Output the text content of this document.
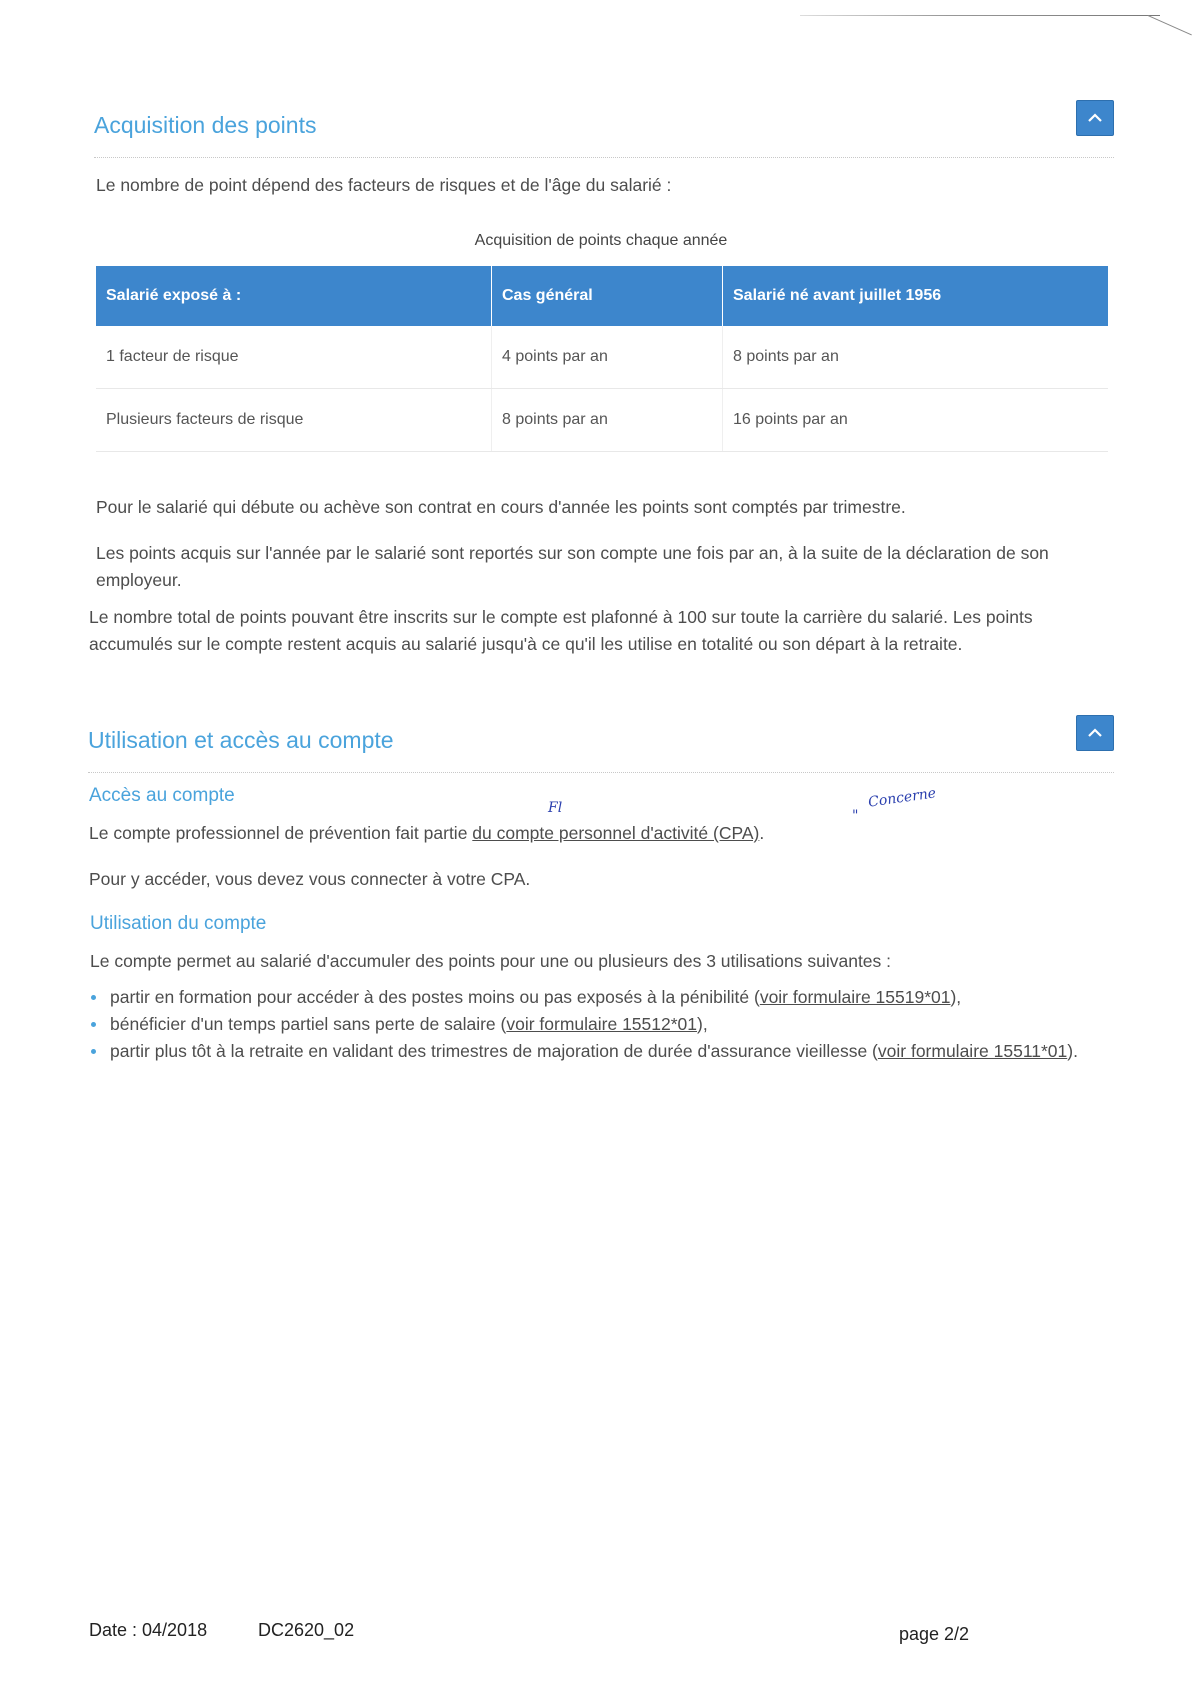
Acquisition des points
Le nombre de point dépend des facteurs de risques et de l'âge du salarié :
Acquisition de points chaque année
Salarié exposé à :	Cas général	Salarié né avant juillet 1956
1 facteur de risque	4 points par an	8 points par an
Plusieurs facteurs de risque	8 points par an	16 points par an
Pour le salarié qui débute ou achève son contrat en cours d'année les points sont comptés par trimestre.
Les points acquis sur l'année par le salarié sont reportés sur son compte une fois par an, à la suite de la déclaration de son employeur.
Le nombre total de points pouvant être inscrits sur le compte est plafonné à 100 sur toute la carrière du salarié. Les points accumulés sur le compte restent acquis au salarié jusqu'à ce qu'il les utilise en totalité ou son départ à la retraite.
Utilisation et accès au compte
Accès au compte
Le compte professionnel de prévention fait partie du compte personnel d'activité (CPA).
Pour y accéder, vous devez vous connecter à votre CPA.
Utilisation du compte
Le compte permet au salarié d'accumuler des points pour une ou plusieurs des 3 utilisations suivantes :
partir en formation pour accéder à des postes moins ou pas exposés à la pénibilité (voir formulaire 15519*01),
bénéficier d'un temps partiel sans perte de salaire (voir formulaire 15512*01),
partir plus tôt à la retraite en validant des trimestres de majoration de durée d'assurance vieillesse (voir formulaire 15511*01).
Fl	"
Concerne
Date : 04/2018	DC2620_02	page 2/2
